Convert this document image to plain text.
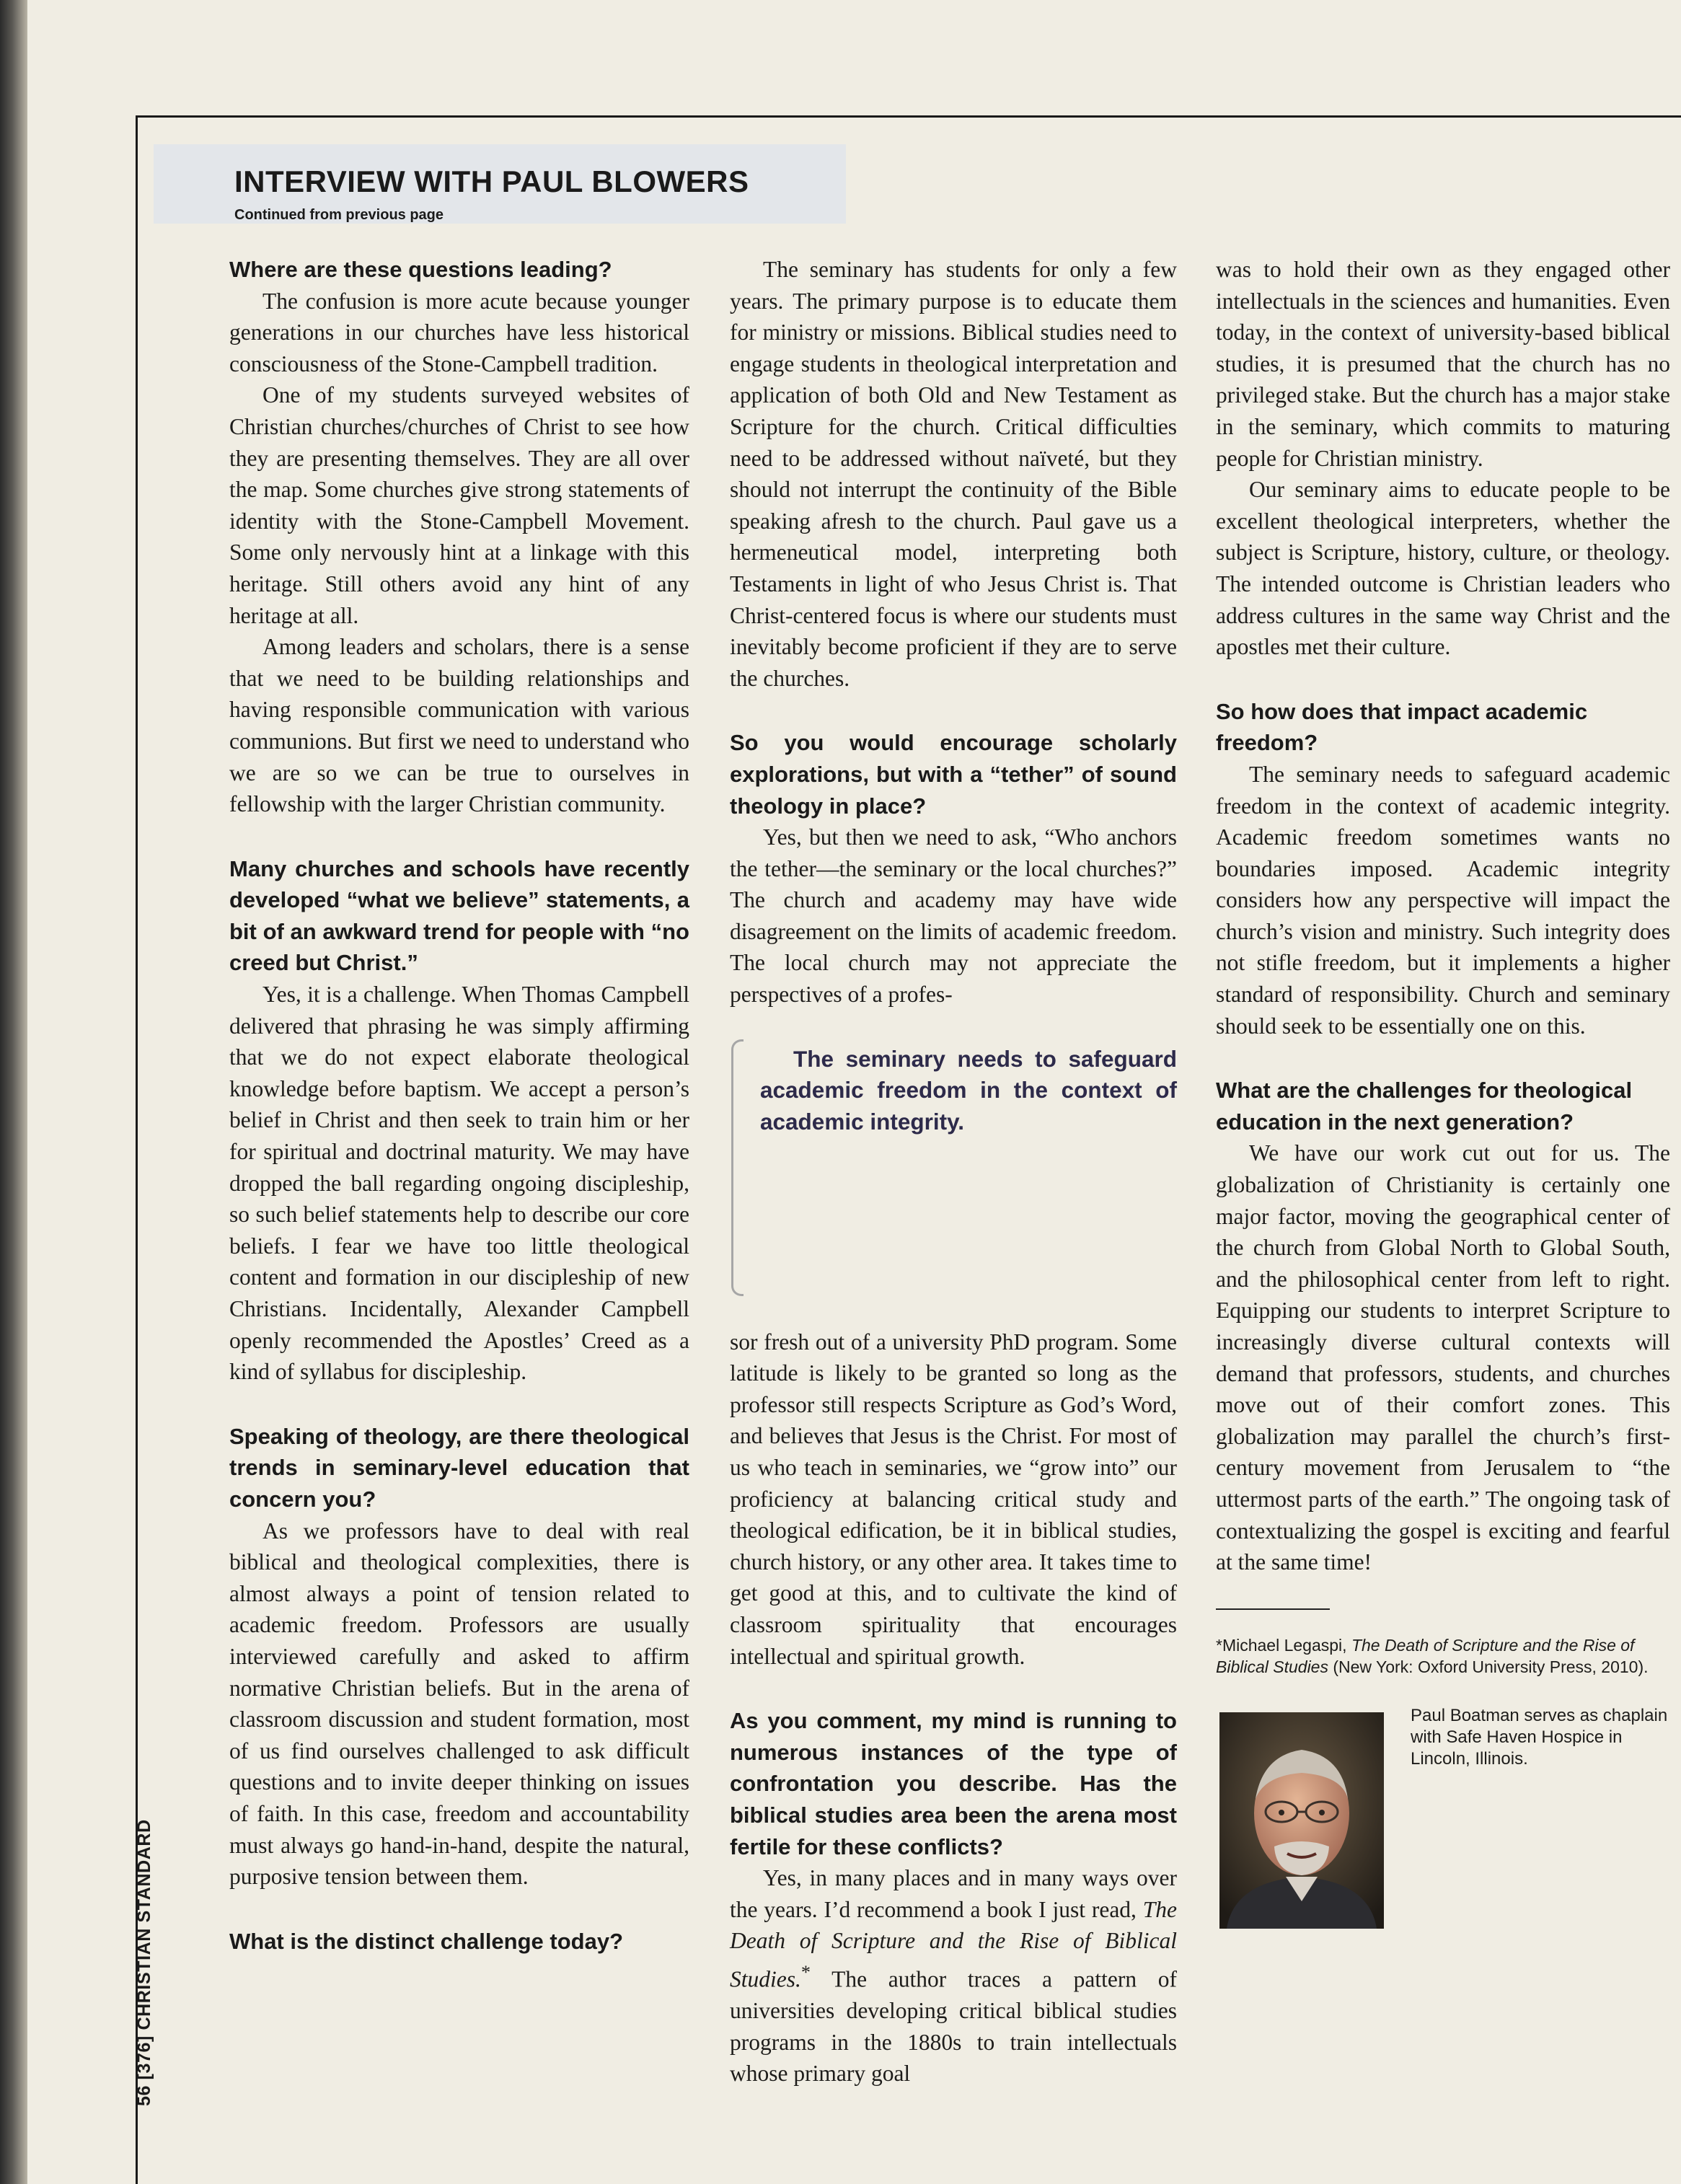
INTERVIEW WITH PAUL BLOWERS
Continued from previous page
Where are these questions leading?

The confusion is more acute because younger generations in our churches have less historical consciousness of the Stone-Campbell tradition.

One of my students surveyed websites of Christian churches/churches of Christ to see how they are presenting themselves. They are all over the map. Some churches give strong statements of identity with the Stone-Campbell Movement. Some only nervously hint at a linkage with this heritage. Still others avoid any hint of any heritage at all.

Among leaders and scholars, there is a sense that we need to be building relationships and having responsible communication with various communions. But first we need to understand who we are so we can be true to ourselves in fellowship with the larger Christian community.

Many churches and schools have recently developed “what we believe” statements, a bit of an awkward trend for people with “no creed but Christ.”

Yes, it is a challenge. When Thomas Campbell delivered that phrasing he was simply affirming that we do not expect elaborate theological knowledge before baptism. We accept a person’s belief in Christ and then seek to train him or her for spiritual and doctrinal maturity. We may have dropped the ball regarding ongoing discipleship, so such belief statements help to describe our core beliefs. I fear we have too little theological content and formation in our discipleship of new Christians. Incidentally, Alexander Campbell openly recommended the Apostles’ Creed as a kind of syllabus for discipleship.

Speaking of theology, are there theological trends in seminary-level education that concern you?

As we professors have to deal with real biblical and theological complexities, there is almost always a point of tension related to academic freedom. Professors are usually interviewed carefully and asked to affirm normative Christian beliefs. But in the arena of classroom discussion and student formation, most of us find ourselves challenged to ask difficult questions and to invite deeper thinking on issues of faith. In this case, freedom and accountability must always go hand-in-hand, despite the natural, purposive tension between them.

What is the distinct challenge today?

The seminary has students for only a few years. The primary purpose is to educate them for ministry or missions. Biblical studies need to engage students in theological interpretation and application of both Old and New Testament as Scripture for the church. Critical difficulties need to be addressed without naïveté, but they should not interrupt the continuity of the Bible speaking afresh to the church. Paul gave us a hermeneutical model, interpreting both Testaments in light of who Jesus Christ is. That Christ-centered focus is where our students must inevitably become proficient if they are to serve the churches.

So you would encourage scholarly explorations, but with a “tether” of sound theology in place?

Yes, but then we need to ask, “Who anchors the tether—the seminary or the local churches?” The church and academy may have wide disagreement on the limits of academic freedom. The local church may not appreciate the perspectives of a profes-

The seminary needs to safeguard academic freedom in the context of academic integrity.

sor fresh out of a university PhD program. Some latitude is likely to be granted so long as the professor still respects Scripture as God’s Word, and believes that Jesus is the Christ. For most of us who teach in seminaries, we “grow into” our proficiency at balancing critical study and theological edification, be it in biblical studies, church history, or any other area. It takes time to get good at this, and to cultivate the kind of classroom spirituality that encourages intellectual and spiritual growth.

As you comment, my mind is running to numerous instances of the type of confrontation you describe. Has the biblical studies area been the arena most fertile for these conflicts?

Yes, in many places and in many ways over the years. I’d recommend a book I just read, The Death of Scripture and the Rise of Biblical Studies.* The author traces a pattern of universities developing critical biblical studies programs in the 1880s to train intellectuals whose primary goal

was to hold their own as they engaged other intellectuals in the sciences and humanities. Even today, in the context of university-based biblical studies, it is presumed that the church has no privileged stake. But the church has a major stake in the seminary, which commits to maturing people for Christian ministry.

Our seminary aims to educate people to be excellent theological interpreters, whether the subject is Scripture, history, culture, or theology. The intended outcome is Christian leaders who address cultures in the same way Christ and the apostles met their culture.

So how does that impact academic freedom?

The seminary needs to safeguard academic freedom in the context of academic integrity. Academic freedom sometimes wants no boundaries imposed. Academic integrity considers how any perspective will impact the church’s vision and ministry. Such integrity does not stifle freedom, but it implements a higher standard of responsibility. Church and seminary should seek to be essentially one on this.

What are the challenges for theological education in the next generation?

We have our work cut out for us. The globalization of Christianity is certainly one major factor, moving the geographical center of the church from Global North to Global South, and the philosophical center from left to right. Equipping our students to interpret Scripture to increasingly diverse cultural contexts will demand that professors, students, and churches move out of their comfort zones. This globalization may parallel the church’s first-century movement from Jerusalem to “the uttermost parts of the earth.” The ongoing task of contextualizing the gospel is exciting and fearful at the same time!

*Michael Legaspi, The Death of Scripture and the Rise of Biblical Studies (New York: Oxford University Press, 2010).
Paul Boatman serves as chaplain with Safe Haven Hospice in Lincoln, Illinois.
56 [376] CHRISTIAN STANDARD
